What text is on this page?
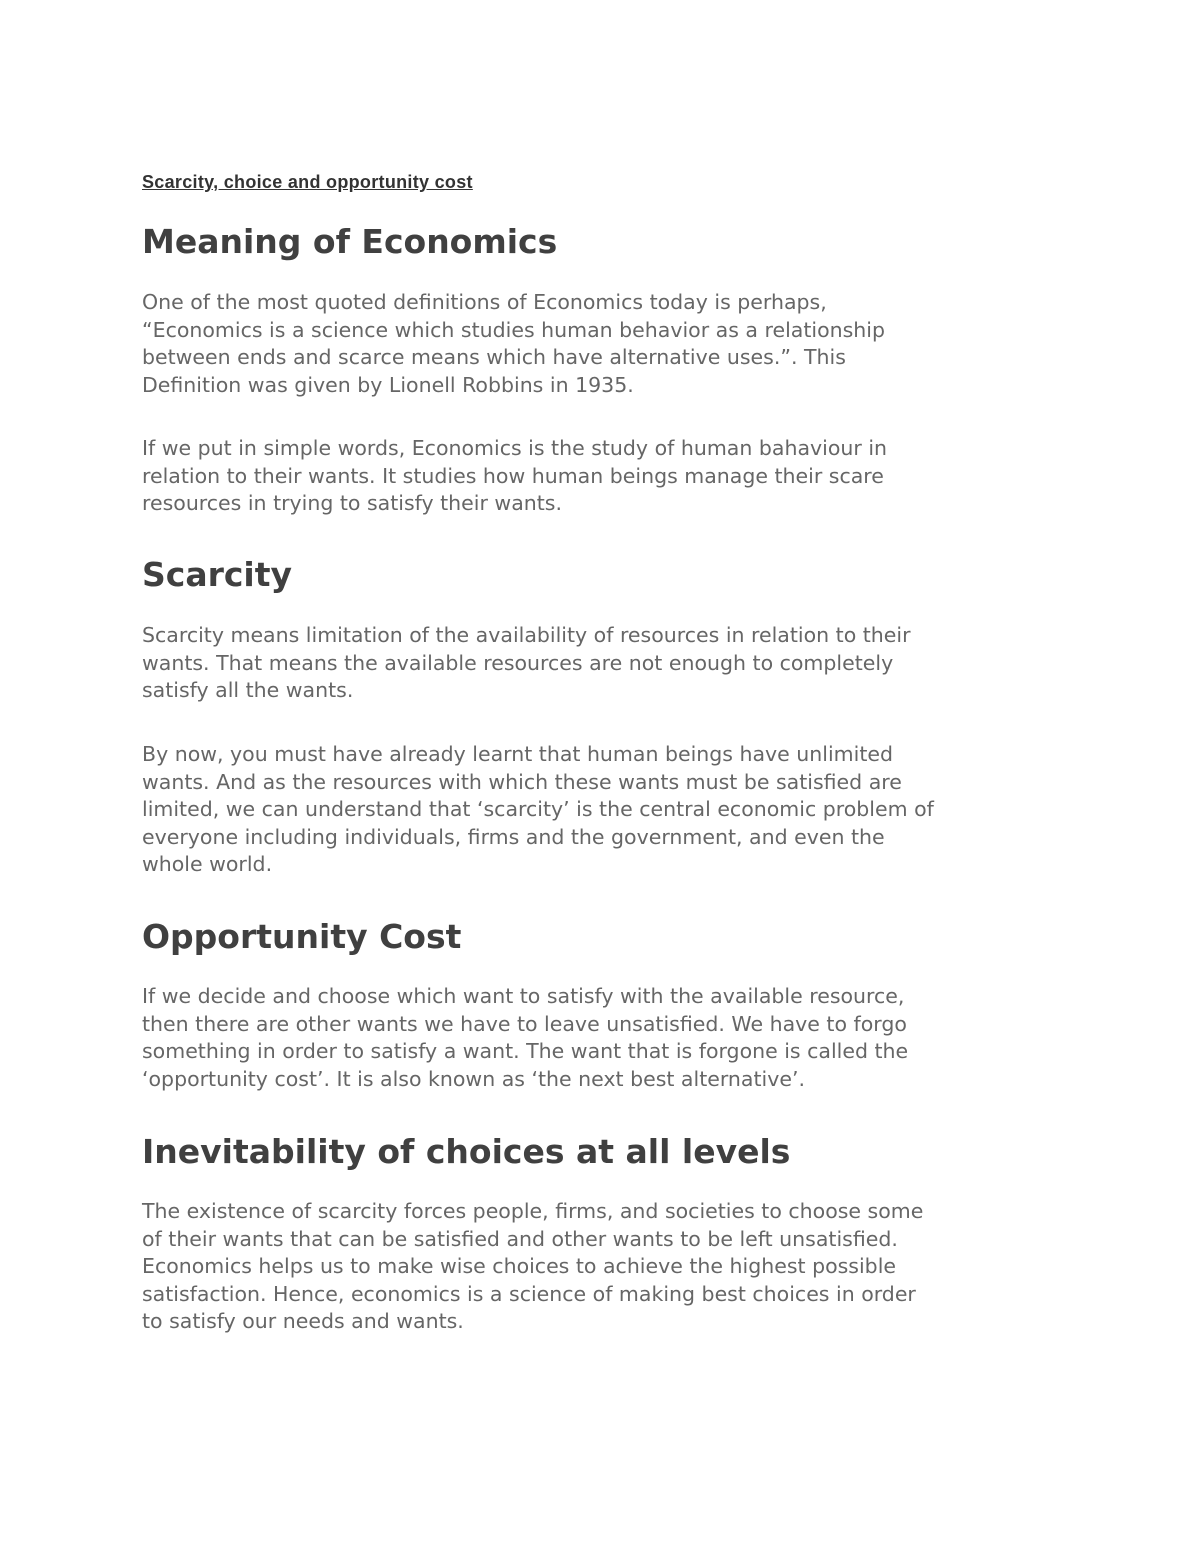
Scarcity, choice and opportunity cost
Meaning of Economics
One of the most quoted definitions of Economics today is perhaps,
“Economics is a science which studies human behavior as a relationship
between ends and scarce means which have alternative uses.”. This
Definition was given by Lionell Robbins in 1935.
If we put in simple words, Economics is the study of human bahaviour in
relation to their wants. It studies how human beings manage their scare
resources in trying to satisfy their wants.
Scarcity
Scarcity means limitation of the availability of resources in relation to their
wants. That means the available resources are not enough to completely
satisfy all the wants.
By now, you must have already learnt that human beings have unlimited
wants. And as the resources with which these wants must be satisfied are
limited, we can understand that ‘scarcity’ is the central economic problem of
everyone including individuals, firms and the government, and even the
whole world.
Opportunity Cost
If we decide and choose which want to satisfy with the available resource,
then there are other wants we have to leave unsatisfied. We have to forgo
something in order to satisfy a want. The want that is forgone is called the
‘opportunity cost’. It is also known as ‘the next best alternative’.
Inevitability of choices at all levels
The existence of scarcity forces people, firms, and societies to choose some
of their wants that can be satisfied and other wants to be left unsatisfied.
Economics helps us to make wise choices to achieve the highest possible
satisfaction. Hence, economics is a science of making best choices in order
to satisfy our needs and wants.
